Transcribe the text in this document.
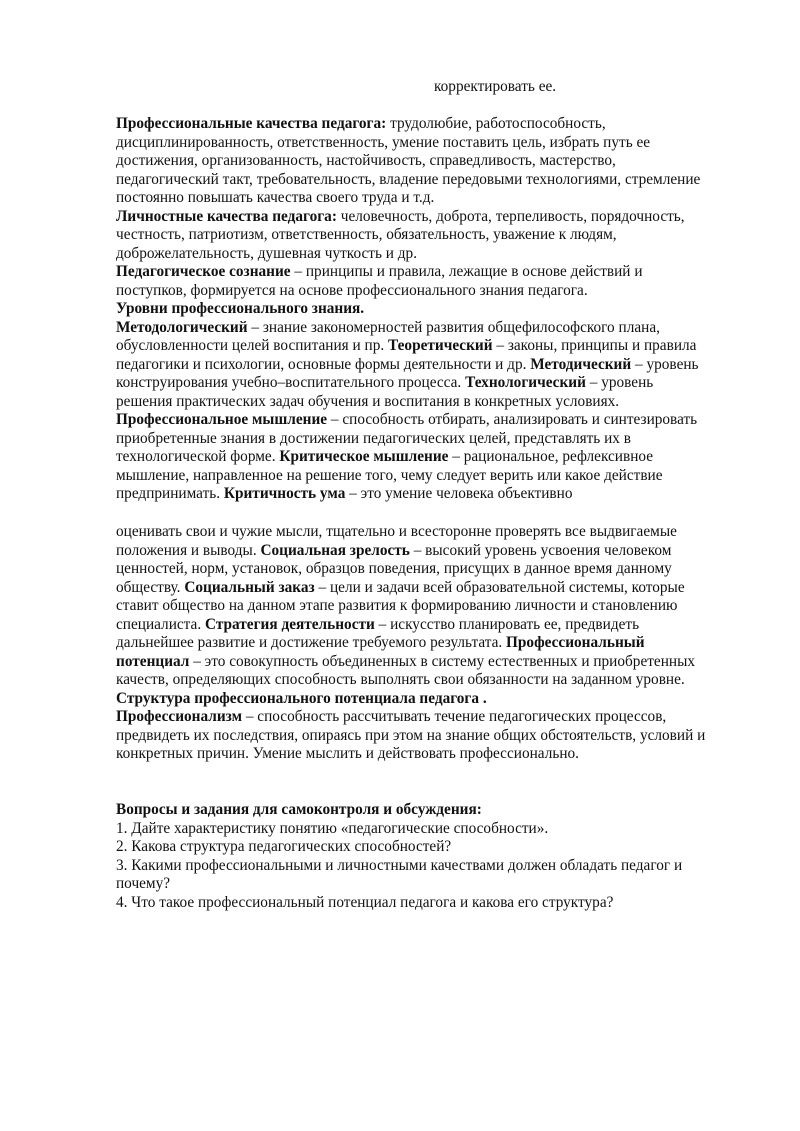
корректировать ее.
Профессиональные качества педагога: трудолюбие, работоспособность,
дисциплинированность, ответственность, умение поставить цель, избрать путь ее
достижения, организованность, настойчивость, справедливость, мастерство,
педагогический такт, требовательность, владение передовыми технологиями, стремление
постоянно повышать качества своего труда и т.д.
Личностные качества педагога: человечность, доброта, терпеливость, порядочность,
честность, патриотизм, ответственность, обязательность, уважение к людям,
доброжелательность, душевная чуткость и др.
Педагогическое сознание – принципы и правила, лежащие в основе действий и
поступков, формируется на основе профессионального знания педагога.
Уровни профессионального знания.
Методологический – знание закономерностей развития общефилософского плана,
обусловленности целей воспитания и пр. Теоретический – законы, принципы и правила
педагогики и психологии, основные формы деятельности и др. Методический – уровень
конструирования учебно–воспитательного процесса. Технологический – уровень
решения практических задач обучения и воспитания в конкретных условиях.
Профессиональное мышление – способность отбирать, анализировать и синтезировать
приобретенные знания в достижении педагогических целей, представлять их в
технологической форме. Критическое мышление – рациональное, рефлексивное
мышление, направленное на решение того, чему следует верить или какое действие
предпринимать. Критичность ума – это умение человека объективно
оценивать свои и чужие мысли, тщательно и всесторонне проверять все выдвигаемые
положения и выводы. Социальная зрелость – высокий уровень усвоения человеком
ценностей, норм, установок, образцов поведения, присущих в данное время данному
обществу. Социальный заказ – цели и задачи всей образовательной системы, которые
ставит общество на данном этапе развития к формированию личности и становлению
специалиста. Стратегия деятельности – искусство планировать ее, предвидеть
дальнейшее развитие и достижение требуемого результата. Профессиональный
потенциал – это совокупность объединенных в систему естественных и приобретенных
качеств, определяющих способность выполнять свои обязанности на заданном уровне.
Структура профессионального потенциала педагога .
Профессионализм – способность рассчитывать течение педагогических процессов,
предвидеть их последствия, опираясь при этом на знание общих обстоятельств, условий и
конкретных причин. Умение мыслить и действовать профессионально.
Вопросы и задания для самоконтроля и обсуждения:
1. Дайте характеристику понятию «педагогические способности».
2. Какова структура педагогических способностей?
3. Какими профессиональными и личностными качествами должен обладать педагог и
почему?
4. Что такое профессиональный потенциал педагога и какова его структура?
